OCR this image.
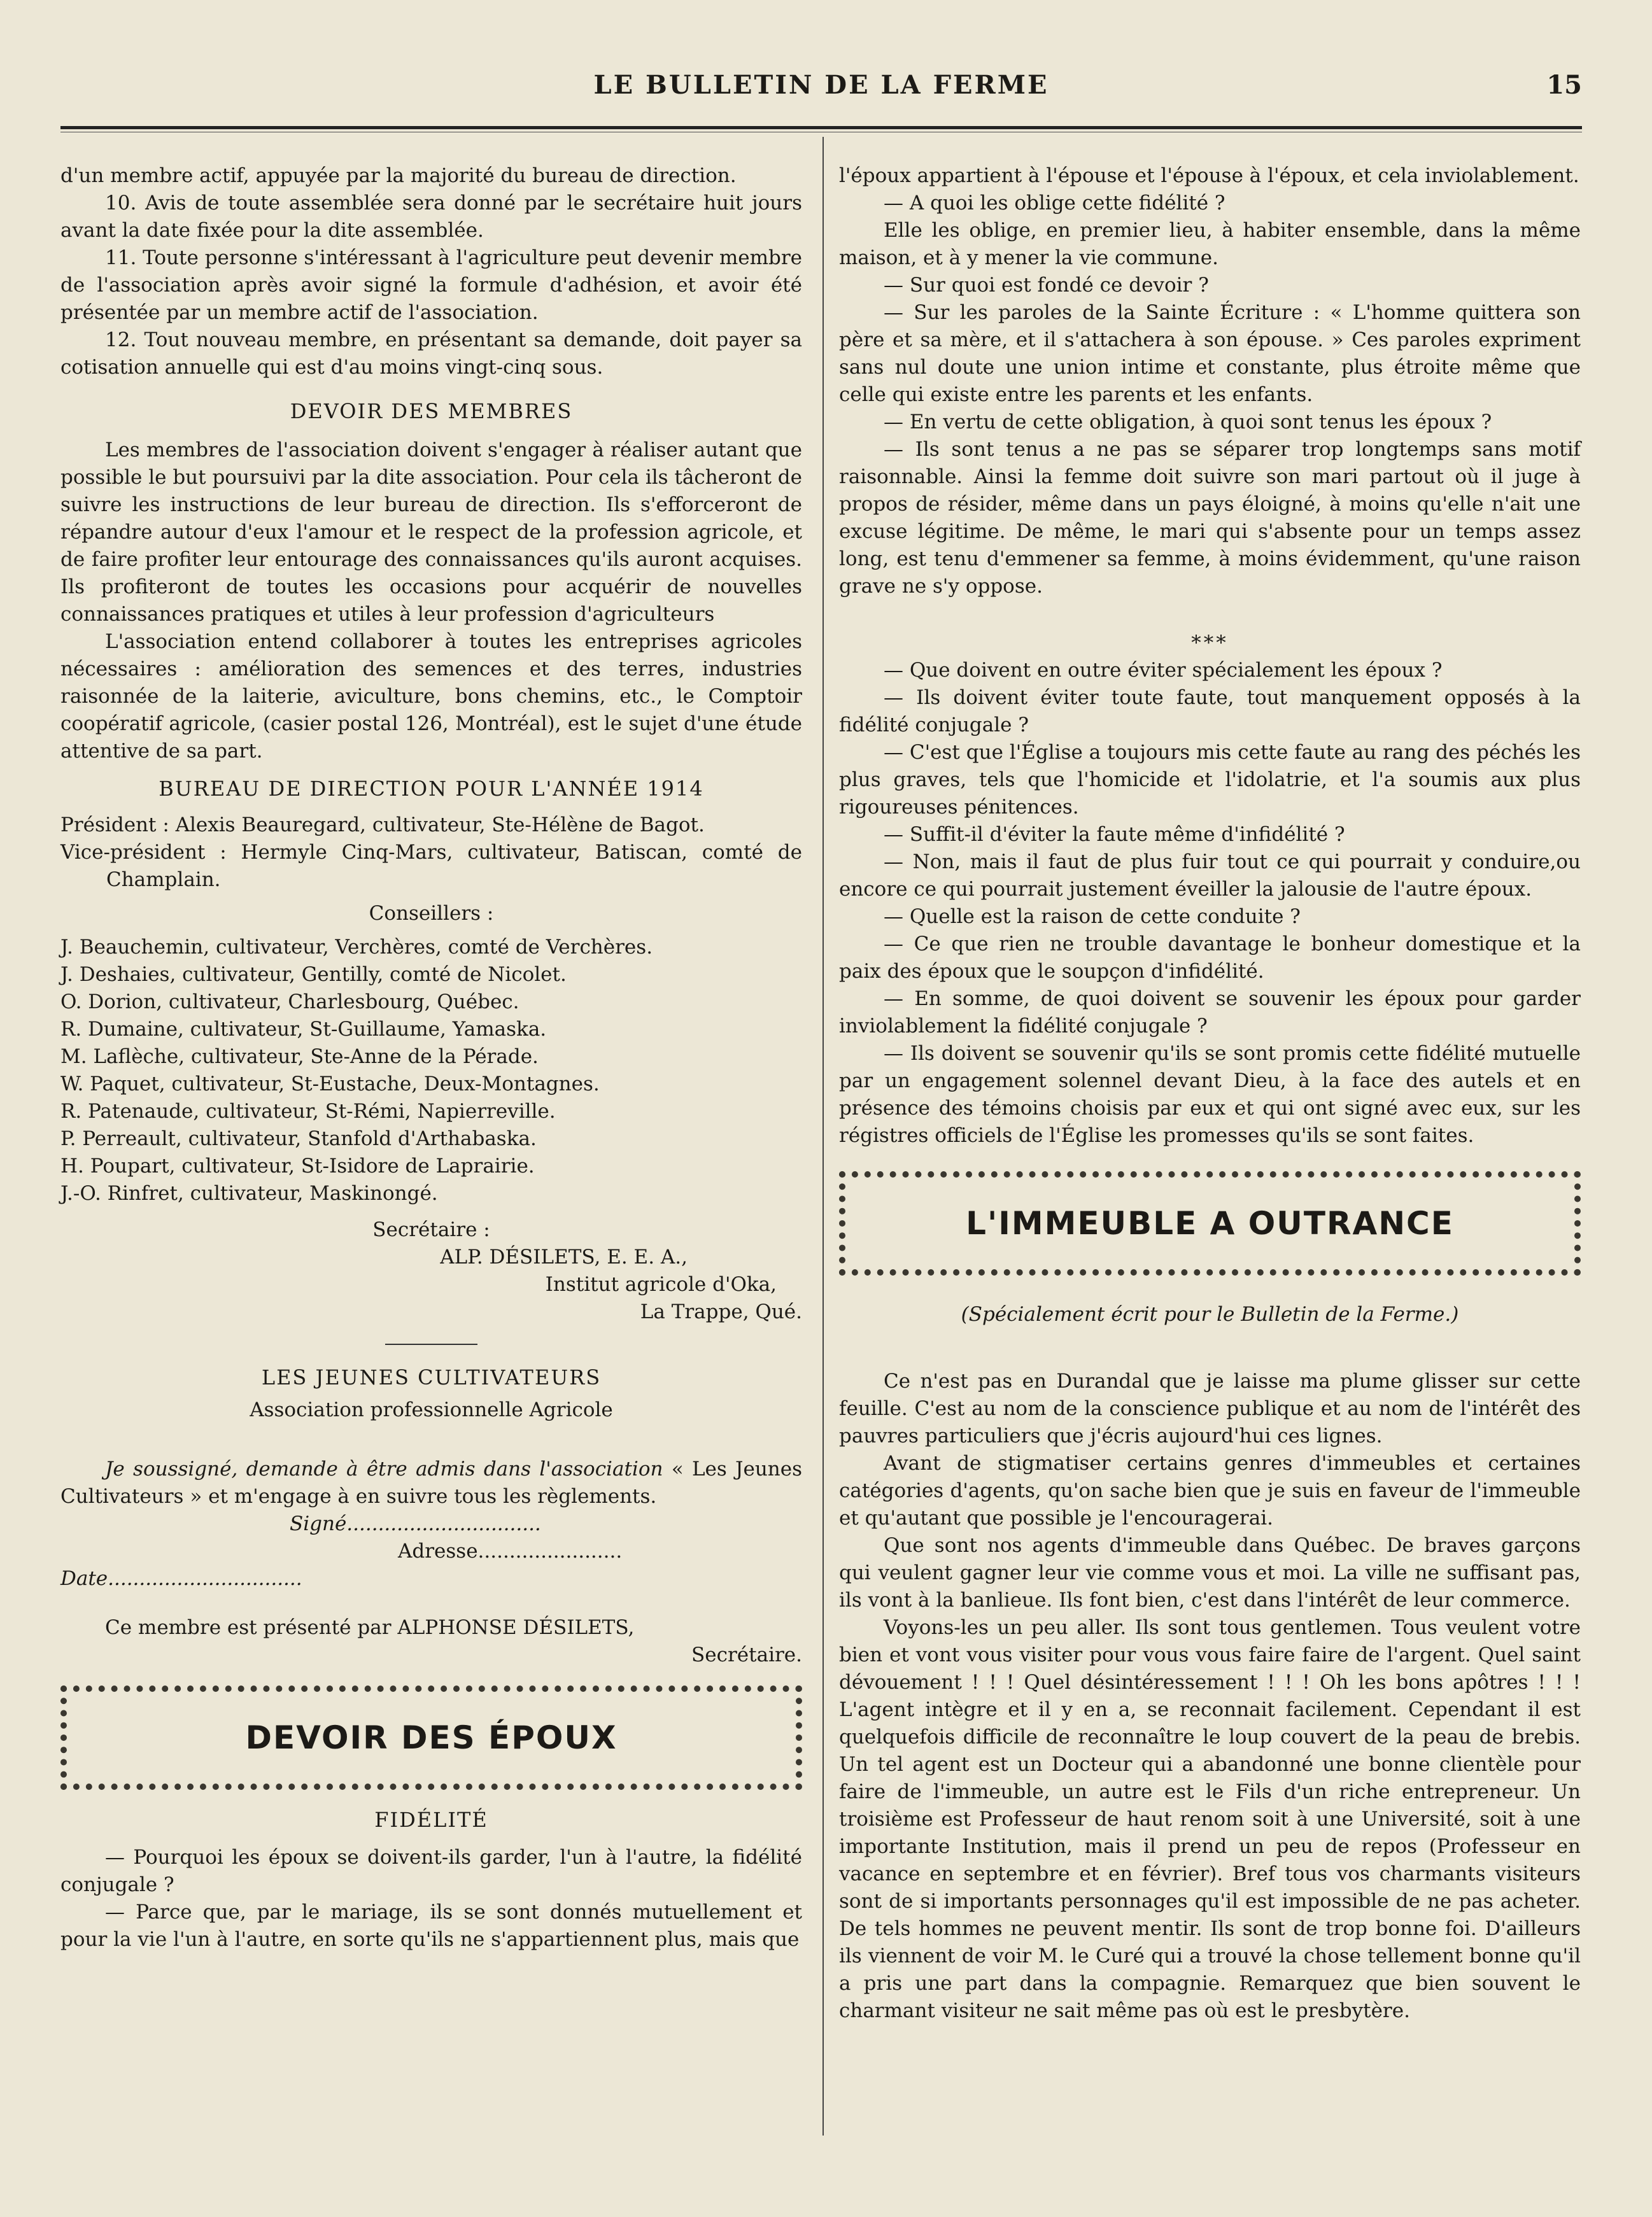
LE BULLETIN DE LA FERME	15

d'un membre actif, appuyée par la majorité du bureau de direction.

10. Avis de toute assemblée sera donné par le secrétaire huit jours avant la date fixée pour la dite assemblée.

11. Toute personne s'intéressant à l'agriculture peut devenir membre de l'association après avoir signé la formule d'adhésion, et avoir été présentée par un membre actif de l'association.

12. Tout nouveau membre, en présentant sa demande, doit payer sa cotisation annuelle qui est d'au moins vingt-cinq sous.

DEVOIR DES MEMBRES

Les membres de l'association doivent s'engager à réaliser autant que possible le but poursuivi par la dite association. Pour cela ils tâcheront de suivre les instructions de leur bureau de direction. Ils s'efforceront de répandre autour d'eux l'amour et le respect de la profession agricole, et de faire profiter leur entourage des connaissances qu'ils auront acquises. Ils profiteront de toutes les occasions pour acquérir de nouvelles connaissances pratiques et utiles à leur profession d'agriculteurs

L'association entend collaborer à toutes les entreprises agricoles nécessaires : amélioration des semences et des terres, industries raisonnée de la laiterie, aviculture, bons chemins, etc., le Comptoir coopératif agricole, (casier postal 126, Montréal), est le sujet d'une étude attentive de sa part.

BUREAU DE DIRECTION POUR L'ANNÉE 1914

Président : Alexis Beauregard, cultivateur, Ste-Hélène de Bagot.

Vice-président : Hermyle Cinq-Mars, cultivateur, Batiscan, comté de Champlain.

Conseillers :

J. Beauchemin, cultivateur, Verchères, comté de Verchères.

J. Deshaies, cultivateur, Gentilly, comté de Nicolet.

O. Dorion, cultivateur, Charlesbourg, Québec.

R. Dumaine, cultivateur, St-Guillaume, Yamaska.

M. Laflèche, cultivateur, Ste-Anne de la Pérade.

W. Paquet, cultivateur, St-Eustache, Deux-Montagnes.

R. Patenaude, cultivateur, St-Rémi, Napierreville.

P. Perreault, cultivateur, Stanfold d'Arthabaska.

H. Poupart, cultivateur, St-Isidore de Laprairie.

J.-O. Rinfret, cultivateur, Maskinongé.

Secrétaire :

ALP. DÉSILETS, E. E. A.,

Institut agricole d'Oka,

La Trappe, Qué.

LES JEUNES CULTIVATEURS

Association professionnelle Agricole

Je soussigné, demande à être admis dans l'association « Les Jeunes Cultivateurs » et m'engage à en suivre tous les règlements.

Signé...............................

Adresse.......................

Date...............................

Ce membre est présenté par ALPHONSE DÉSILETS,

Secrétaire.

DEVOIR DES ÉPOUX
FIDÉLITÉ

— Pourquoi les époux se doivent-ils garder, l'un à l'autre, la fidélité conjugale ?

— Parce que, par le mariage, ils se sont donnés mutuellement et pour la vie l'un à l'autre, en sorte qu'ils ne s'appartiennent plus, mais que

l'époux appartient à l'épouse et l'épouse à l'époux, et cela inviolablement.

— A quoi les oblige cette fidélité ?

Elle les oblige, en premier lieu, à habiter ensemble, dans la même maison, et à y mener la vie commune.

— Sur quoi est fondé ce devoir ?

— Sur les paroles de la Sainte Écriture : « L'homme quittera son père et sa mère, et il s'attachera à son épouse. » Ces paroles expriment sans nul doute une union intime et constante, plus étroite même que celle qui existe entre les parents et les enfants.

— En vertu de cette obligation, à quoi sont tenus les époux ?

— Ils sont tenus a ne pas se séparer trop longtemps sans motif raisonnable. Ainsi la femme doit suivre son mari partout où il juge à propos de résider, même dans un pays éloigné, à moins qu'elle n'ait une excuse légitime. De même, le mari qui s'absente pour un temps assez long, est tenu d'emmener sa femme, à moins évidemment, qu'une raison grave ne s'y oppose.

***

— Que doivent en outre éviter spécialement les époux ?

— Ils doivent éviter toute faute, tout manquement opposés à la fidélité conjugale ?

— C'est que l'Église a toujours mis cette faute au rang des péchés les plus graves, tels que l'homicide et l'idolatrie, et l'a soumis aux plus rigoureuses pénitences.

— Suffit-il d'éviter la faute même d'infidélité ?

— Non, mais il faut de plus fuir tout ce qui pourrait y conduire,ou encore ce qui pourrait justement éveiller la jalousie de l'autre époux.

— Quelle est la raison de cette conduite ?

— Ce que rien ne trouble davantage le bonheur domestique et la paix des époux que le soupçon d'infidélité.

— En somme, de quoi doivent se souvenir les époux pour garder inviolablement la fidélité conjugale ?

— Ils doivent se souvenir qu'ils se sont promis cette fidélité mutuelle par un engagement solennel devant Dieu, à la face des autels et en présence des témoins choisis par eux et qui ont signé avec eux, sur les régistres officiels de l'Église les promesses qu'ils se sont faites.

L'IMMEUBLE A OUTRANCE

(Spécialement écrit pour le Bulletin de la Ferme.)

Ce n'est pas en Durandal que je laisse ma plume glisser sur cette feuille. C'est au nom de la conscience publique et au nom de l'intérêt des pauvres particuliers que j'écris aujourd'hui ces lignes.

Avant de stigmatiser certains genres d'immeubles et certaines catégories d'agents, qu'on sache bien que je suis en faveur de l'immeuble et qu'autant que possible je l'encouragerai.

Que sont nos agents d'immeuble dans Québec. De braves garçons qui veulent gagner leur vie comme vous et moi. La ville ne suffisant pas, ils vont à la banlieue. Ils font bien, c'est dans l'intérêt de leur commerce.

Voyons-les un peu aller. Ils sont tous gentlemen. Tous veulent votre bien et vont vous visiter pour vous vous faire faire de l'argent. Quel saint dévouement ! ! ! Quel désintéressement ! ! ! Oh les bons apôtres ! ! ! L'agent intègre et il y en a, se reconnait facilement. Cependant il est quelquefois difficile de reconnaître le loup couvert de la peau de brebis. Un tel agent est un Docteur qui a abandonné une bonne clientèle pour faire de l'immeuble, un autre est le Fils d'un riche entrepreneur. Un troisième est Professeur de haut renom soit à une Université, soit à une importante Institution, mais il prend un peu de repos (Professeur en vacance en septembre et en février). Bref tous vos charmants visiteurs sont de si importants personnages qu'il est impossible de ne pas acheter. De tels hommes ne peuvent mentir. Ils sont de trop bonne foi. D'ailleurs ils viennent de voir M. le Curé qui a trouvé la chose tellement bonne qu'il a pris une part dans la compagnie. Remarquez que bien souvent le charmant visiteur ne sait même pas où est le presbytère.
